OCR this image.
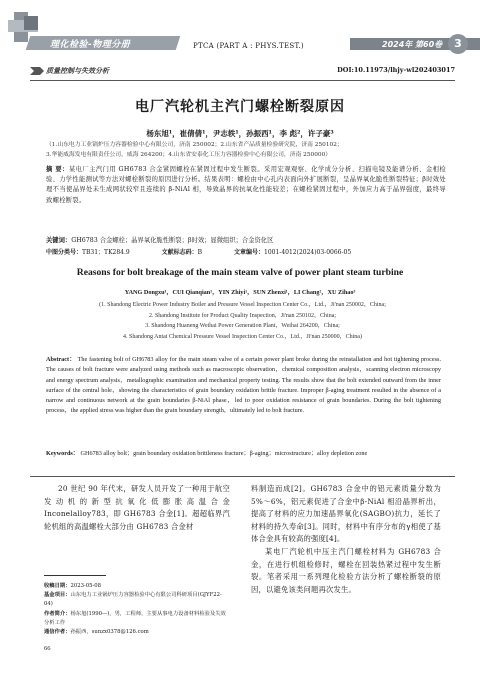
理化检验-物理分册	PTCA (PART A : PHYS.TEST.)	2024年 第60卷	3
质量控制与失效分析	DOI:10.11973/lhjy-wl202403017
电厂汽轮机主汽门螺栓断裂原因
杨东旭¹，崔倩倩¹，尹志轶¹，孙振西¹，李 彪²，许子豪³
（1.山东电力工业锅炉压力容器检验中心有限公司，济南 250002；2.山东省产品质量检验研究院，济南 250102；
3.华能威海发电有限责任公司，威海 264200；4.山东省安泰化工压力容器检验中心有限公司，济南 250000）
摘 要：某电厂主汽门用 GH6783 合金紧固螺栓在紧固过程中发生断裂。采用宏观观察、化学成分分析、扫描电镜及能谱分析、金相检验、力学性能测试等方法对螺栓断裂的原因进行分析。结果表明：螺栓由中心孔内表面向外扩展断裂，呈晶界氧化脆性断裂特征；β时效处理不当使晶界处未生成网状较窄且连续的 β-NiAl 相，导致晶界的抗氧化性能较差；在螺栓紧固过程中，外加应力高于晶界强度，最终导致螺栓断裂。
关键词：GH6783 合金螺栓；晶界氧化脆性断裂；β时效；显微组织；合金资化区
中图分类号：TB31；TK284.9	文献标志码：B	文章编号：1001-4012(2024)03-0066-05
Reasons for bolt breakage of the main steam valve of power plant steam turbine
YANG Dongxu¹，CUI Qianqian¹，YIN Zhiyi¹，SUN Zhenxi¹，LI Chang²，XU Zihao³
(1. Shandong Electric Power Industry Boiler and Pressure Vessel Inspection Center Co.，Ltd.，Ji'nan 250002，China;
2. Shandong Institute for Product Quality Inspection，Ji'nan 250102，China;
3. Shandong Huaneng Weihai Power Generation Plant，Weihai 264200，China;
4. Shandong Antai Chemical Pressure Vessel Inspection Center Co.，Ltd.，Ji'nan 250000，China)
Abstract： The fastening bolt of GH6783 alloy for the main steam valve of a certain power plant broke during the reinstallation and hot tightening process. The causes of bolt fracture were analyzed using methods such as macroscopic observation，chemical composition analysis，scanning electron microscopy and energy spectrum analysis，metallographic examination and mechanical property testing. The results show that the bolt extended outward from the inner surface of the central hole，showing the characteristics of grain boundary oxidation brittle fracture. Improper β-aging treatment resulted in the absence of a narrow and continuous network at the grain boundaries β-NiAl phase，led to poor oxidation resistance of grain boundaries. During the bolt tightening process，the applied stress was higher than the grain boundary strength，ultimately led to bolt fracture.
Keywords： GH6783 alloy bolt；grain boundary oxidation brittleness fracture；β-aging；microstructure；alloy depletion zone

20 世纪 90 年代末，研发人员开发了一种用于航空发动机的新型抗氧化低膨胀高温合金 Inconelalloy783，即 GH6783 合金[1]。超超临界汽轮机组的高温螺栓大部分由 GH6783 合金材

料制造而成[2]。GH6783 合金中的铝元素质量分数为 5%～6%，铝元素促进了合金中β-NiAl 相沿晶界析出，提高了材料的应力加速晶界氧化(SAGBO)抗力，延长了材料的持久寿命[3]。同时，材料中有序分布的γ相使了基体合金具有较高的强度[4]。

某电厂汽轮机中压主汽门螺栓材料为 GH6783 合金，在进行机组检修时，螺栓在回装热紧过程中发生断裂。笔者采用一系列理化检验方法分析了螺栓断裂的原因，以避免该类问题再次发生。

收稿日期：2023-05-08
基金项目：山东电力工业锅炉压力容器检验中心有限公司科研项目(GJYF22-04)
作者简介：杨东旭(1990—)，男，工程师，主要从事电力设备材料检验及失效分析工作
通信作者：孙振西，sunzx0378@126.com
66
